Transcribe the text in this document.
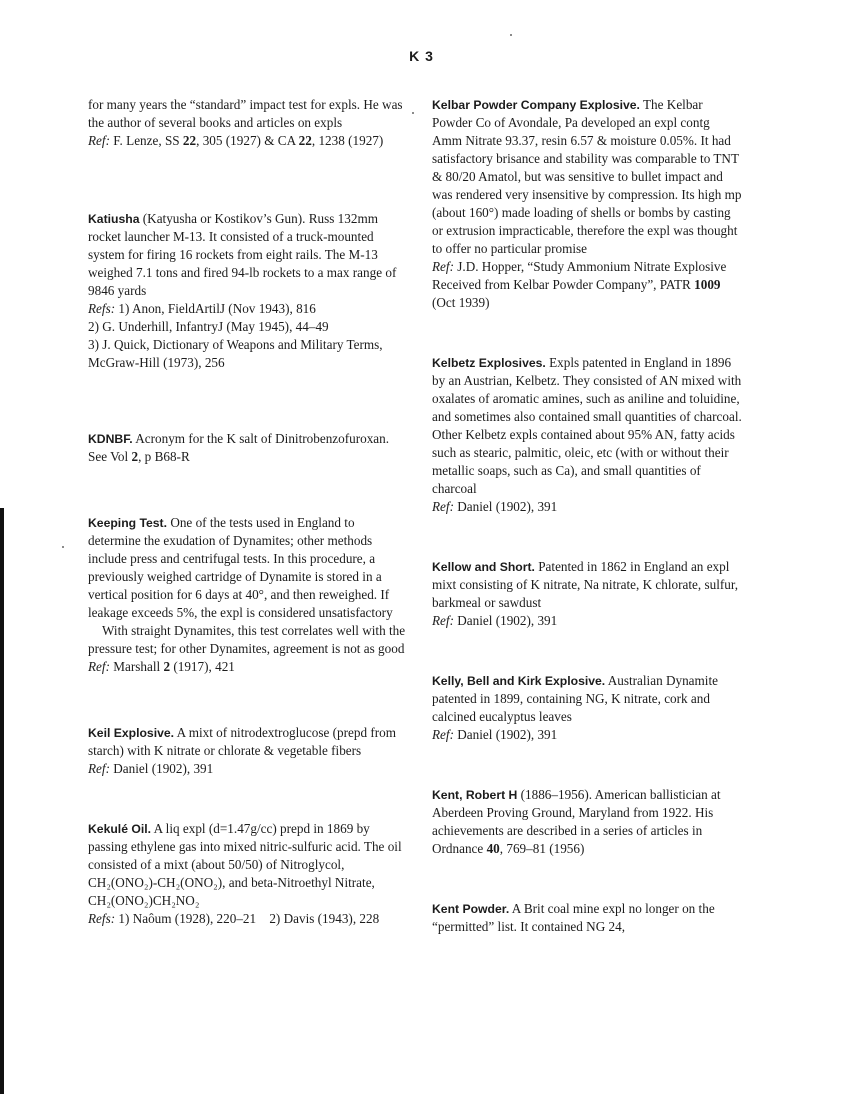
K 3

for many years the “standard” impact test for expls. He was the author of several books and articles on expls

Ref: F. Lenze, SS 22, 305 (1927) & CA 22, 1238 (1927)

Katiusha (Katyusha or Kostikov’s Gun). Russ 132mm rocket launcher M-13. It consisted of a truck-mounted system for firing 16 rockets from eight rails. The M-13 weighed 7.1 tons and fired 94-lb rockets to a max range of 9846 yards

Refs: 1) Anon, FieldArtilJ (Nov 1943), 816

2) G. Underhill, InfantryJ (May 1945), 44–49

3) J. Quick, Dictionary of Weapons and Military Terms, McGraw-Hill (1973), 256

KDNBF. Acronym for the K salt of Dinitrobenzofuroxan. See Vol 2, p B68-R

Keeping Test. One of the tests used in England to determine the exudation of Dynamites; other methods include press and centrifugal tests. In this procedure, a previously weighed cartridge of Dynamite is stored in a vertical position for 6 days at 40°, and then reweighed. If leakage exceeds 5%, the expl is considered unsatisfactory

With straight Dynamites, this test correlates well with the pressure test; for other Dynamites, agreement is not as good

Ref: Marshall 2 (1917), 421

Keil Explosive. A mixt of nitrodextroglucose (prepd from starch) with K nitrate or chlorate & vegetable fibers

Ref: Daniel (1902), 391

Kekulé Oil. A liq expl (d=1.47g/cc) prepd in 1869 by passing ethylene gas into mixed nitric-sulfuric acid. The oil consisted of a mixt (about 50/50) of Nitroglycol, CH₂(ONO₂)-CH₂(ONO₂), and beta-Nitroethyl Nitrate, CH₂(ONO₂)CH₂NO₂

Refs: 1) Naôum (1928), 220–21 2) Davis (1943), 228

Kelbar Powder Company Explosive. The Kelbar Powder Co of Avondale, Pa developed an expl contg Amm Nitrate 93.37, resin 6.57 & moisture 0.05%. It had satisfactory brisance and stability was comparable to TNT & 80/20 Amatol, but was sensitive to bullet impact and was rendered very insensitive by compression. Its high mp (about 160°) made loading of shells or bombs by casting or extrusion impracticable, therefore the expl was thought to offer no particular promise

Ref: J.D. Hopper, “Study Ammonium Nitrate Explosive Received from Kelbar Powder Company”, PATR 1009 (Oct 1939)

Kelbetz Explosives. Expls patented in England in 1896 by an Austrian, Kelbetz. They consisted of AN mixed with oxalates of aromatic amines, such as aniline and toluidine, and sometimes also contained small quantities of charcoal. Other Kelbetz expls contained about 95% AN, fatty acids such as stearic, palmitic, oleic, etc (with or without their metallic soaps, such as Ca), and small quantities of charcoal

Ref: Daniel (1902), 391

Kellow and Short. Patented in 1862 in England an expl mixt consisting of K nitrate, Na nitrate, K chlorate, sulfur, barkmeal or sawdust

Ref: Daniel (1902), 391

Kelly, Bell and Kirk Explosive. Australian Dynamite patented in 1899, containing NG, K nitrate, cork and calcined eucalyptus leaves

Ref: Daniel (1902), 391

Kent, Robert H (1886–1956). American ballistician at Aberdeen Proving Ground, Maryland from 1922. His achievements are described in a series of articles in Ordnance 40, 769–81 (1956)

Kent Powder. A Brit coal mine expl no longer on the “permitted” list. It contained NG 24,
